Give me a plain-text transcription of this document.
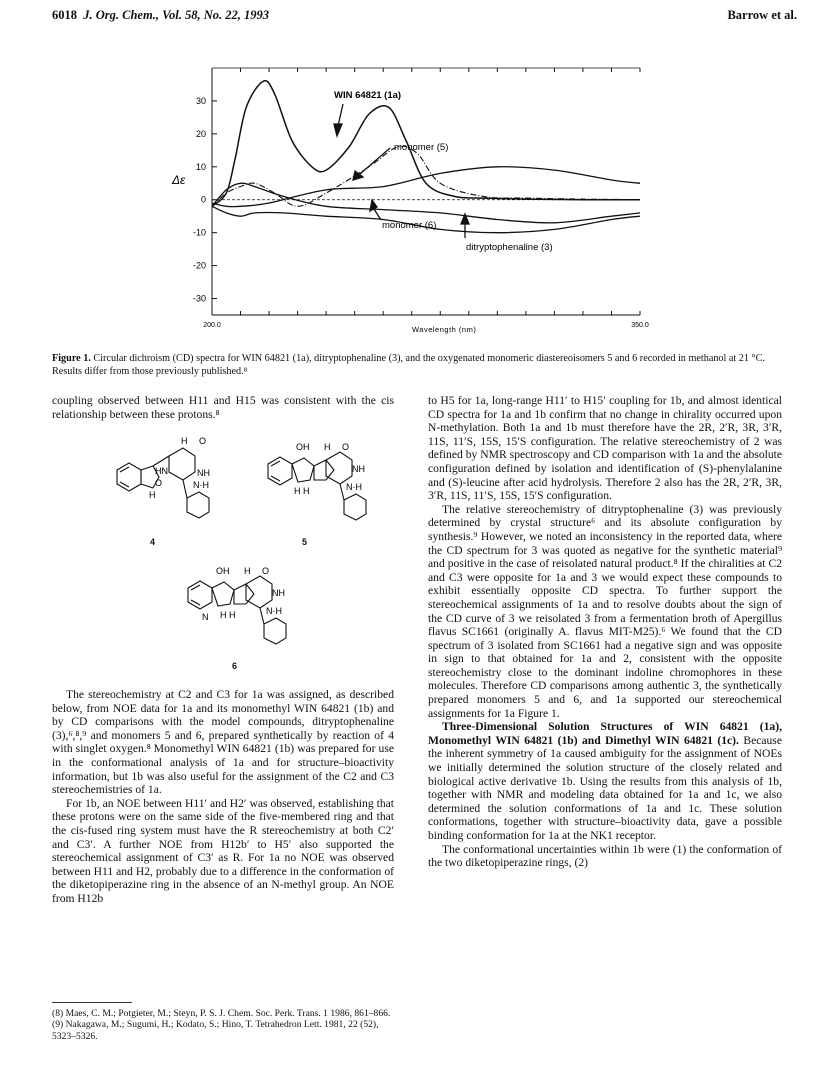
6018 J. Org. Chem., Vol. 58, No. 22, 1993	Barrow et al.
30
20
10
0
-10
-20
-30
200.0	350.0
Δε
Wavelength (nm)
WIN 64821 (1a)
monomer (5)
monomer (6)
ditryptophenaline (3)
Figure 1. Circular dichroism (CD) spectra for WIN 64821 (1a), ditryptophenaline (3), and the oxygenated monomeric diastereoisomers 5 and 6 recorded in methanol at 21 °C. Results differ from those previously published.⁸

coupling observed between H11 and H15 was consistent with the cis relationship between these protons.⁸

H O
HN	NH
H
O	N·H
4
OH H O
NH
H H	N·H
5
OH H O
NH
N H H	N·H
6

The stereochemistry at C2 and C3 for 1a was assigned, as described below, from NOE data for 1a and its monomethyl WIN 64821 (1b) and by CD comparisons with the model compounds, ditryptophenaline (3),⁶,⁸,⁹ and monomers 5 and 6, prepared synthetically by reaction of 4 with singlet oxygen.⁸ Monomethyl WIN 64821 (1b) was prepared for use in the conformational analysis of 1a and for structure–bioactivity information, but 1b was also useful for the assignment of the C2 and C3 stereochemistries of 1a.

For 1b, an NOE between H11′ and H2′ was observed, establishing that these protons were on the same side of the five-membered ring and that the cis-fused ring system must have the R stereochemistry at both C2′ and C3′. A further NOE from H12b′ to H5′ also supported the stereochemical assignment of C3′ as R. For 1a no NOE was observed between H11 and H2, probably due to a difference in the conformation of the diketopiperazine ring in the absence of an N-methyl group. An NOE from H12b

(8) Maes, C. M.; Potgieter, M.; Steyn, P. S. J. Chem. Soc. Perk. Trans. 1 1986, 861–866.
(9) Nakagawa, M.; Sugumi, H.; Kodato, S.; Hino, T. Tetrahedron Lett. 1981, 22 (52), 5323–5326.

to H5 for 1a, long-range H11′ to H15′ coupling for 1b, and almost identical CD spectra for 1a and 1b confirm that no change in chirality occurred upon N-methylation. Both 1a and 1b must therefore have the 2R, 2′R, 3R, 3′R, 11S, 11′S, 15S, 15′S configuration. The relative stereochemistry of 2 was defined by NMR spectroscopy and CD comparison with 1a and the absolute configuration defined by isolation and identification of (S)-phenylalanine and (S)-leucine after acid hydrolysis. Therefore 2 also has the 2R, 2′R, 3R, 3′R, 11S, 11′S, 15S, 15′S configuration.

The relative stereochemistry of ditryptophenaline (3) was previously determined by crystal structure⁶ and its absolute configuration by synthesis.⁹ However, we noted an inconsistency in the reported data, where the CD spectrum for 3 was quoted as negative for the synthetic material⁹ and positive in the case of reisolated natural product.⁸ If the chiralities at C2 and C3 were opposite for 1a and 3 we would expect these compounds to exhibit essentially opposite CD spectra. To further support the stereochemical assignments of 1a and to resolve doubts about the sign of the CD curve of 3 we reisolated 3 from a fermentation broth of Apergillus flavus SC1661 (originally A. flavus MIT-M25).⁶ We found that the CD spectrum of 3 isolated from SC1661 had a negative sign and was opposite in sign to that obtained for 1a and 2, consistent with the opposite stereochemistry close to the dominant indoline chromophores in these molecules. Therefore CD comparisons among authentic 3, the synthetically prepared monomers 5 and 6, and 1a supported our stereochemical assignments for 1a Figure 1.

Three-Dimensional Solution Structures of WIN 64821 (1a), Monomethyl WIN 64821 (1b) and Dimethyl WIN 64821 (1c). Because the inherent symmetry of 1a caused ambiguity for the assignment of NOEs we initially determined the solution structure of the closely related and biological active derivative 1b. Using the results from this analysis of 1b, together with NMR and modeling data obtained for 1a and 1c, we also determined the solution conformations of 1a and 1c. These solution conformations, together with structure–bioactivity data, gave a possible binding conformation for 1a at the NK1 receptor.

The conformational uncertainties within 1b were (1) the conformation of the two diketopiperazine rings, (2)
